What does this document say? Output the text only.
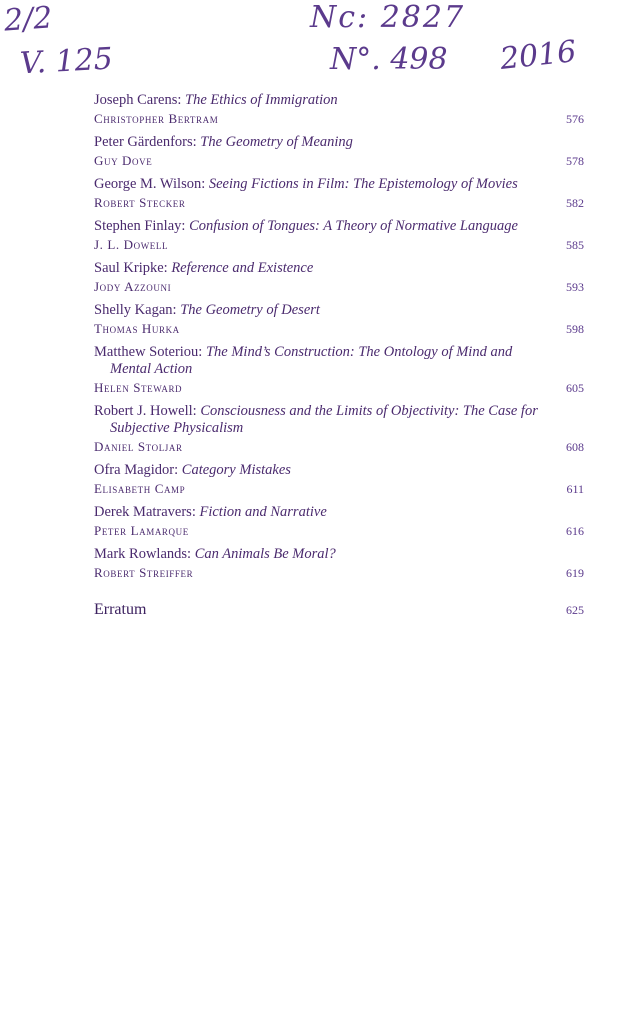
2/2
V. 125
Nc: 2827
N°. 498 2016
Joseph Carens: The Ethics of Immigration
Christopher Bertram	576
Peter Gärdenfors: The Geometry of Meaning
Guy Dove	578
George M. Wilson: Seeing Fictions in Film: The Epistemology of Movies
Robert Stecker	582
Stephen Finlay: Confusion of Tongues: A Theory of Normative Language
J. L. Dowell	585
Saul Kripke: Reference and Existence
Jody Azzouni	593
Shelly Kagan: The Geometry of Desert
Thomas Hurka	598
Matthew Soteriou: The Mind’s Construction: The Ontology of Mind and Mental Action
Helen Steward	605
Robert J. Howell: Consciousness and the Limits of Objectivity: The Case for Subjective Physicalism
Daniel Stoljar	608
Ofra Magidor: Category Mistakes
Elisabeth Camp	611
Derek Matravers: Fiction and Narrative
Peter Lamarque	616
Mark Rowlands: Can Animals Be Moral?
Robert Streiffer	619
Erratum	625
